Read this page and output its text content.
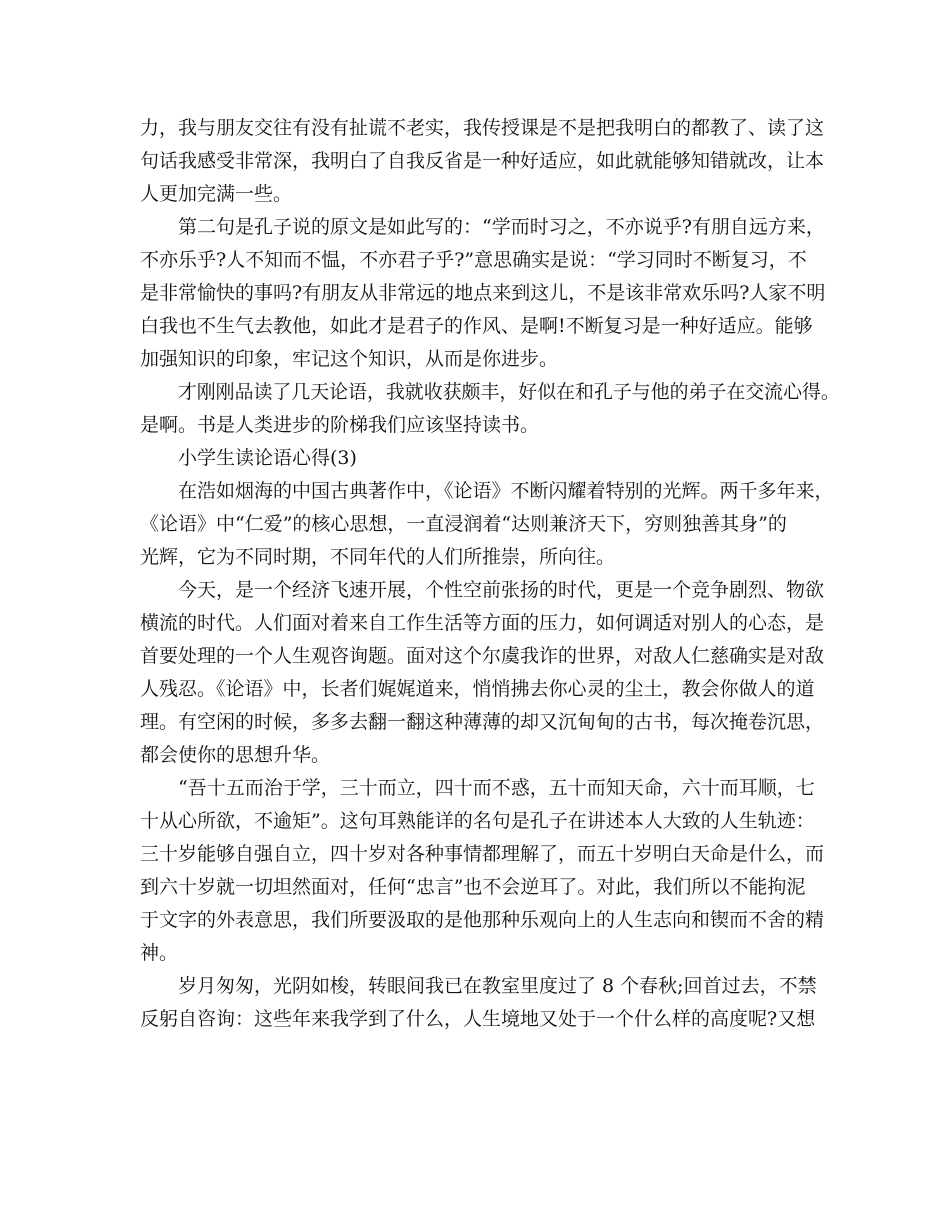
力，我与朋友交往有没有扯谎不老实，我传授课是不是把我明白的都教了、读了这
句话我感受非常深，我明白了自我反省是一种好适应，如此就能够知错就改，让本
人更加完满一些。
第二句是孔子说的原文是如此写的：“学而时习之，不亦说乎?有朋自远方来，
不亦乐乎?人不知而不愠，不亦君子乎?”意思确实是说：“学习同时不断复习，不
是非常愉快的事吗?有朋友从非常远的地点来到这儿，不是该非常欢乐吗?人家不明
白我也不生气去教他，如此才是君子的作风、是啊!不断复习是一种好适应。能够
加强知识的印象，牢记这个知识，从而是你进步。
才刚刚品读了几天论语，我就收获颇丰，好似在和孔子与他的弟子在交流心得。
是啊。书是人类进步的阶梯我们应该坚持读书。
小学生读论语心得(3)
在浩如烟海的中国古典著作中，《论语》不断闪耀着特别的光辉。两千多年来，
《论语》中“仁爱”的核心思想，一直浸润着“达则兼济天下，穷则独善其身”的
光辉，它为不同时期，不同年代的人们所推崇，所向往。
今天，是一个经济飞速开展，个性空前张扬的时代，更是一个竞争剧烈、物欲
横流的时代。人们面对着来自工作生活等方面的压力，如何调适对别人的心态，是
首要处理的一个人生观咨询题。面对这个尔虞我诈的世界，对敌人仁慈确实是对敌
人残忍。《论语》中，长者们娓娓道来，悄悄拂去你心灵的尘土，教会你做人的道
理。有空闲的时候，多多去翻一翻这种薄薄的却又沉甸甸的古书，每次掩卷沉思，
都会使你的思想升华。
“吾十五而治于学，三十而立，四十而不惑，五十而知天命，六十而耳顺，七
十从心所欲，不逾矩”。这句耳熟能详的名句是孔子在讲述本人大致的人生轨迹：
三十岁能够自强自立，四十岁对各种事情都理解了，而五十岁明白天命是什么，而
到六十岁就一切坦然面对，任何“忠言”也不会逆耳了。对此，我们所以不能拘泥
于文字的外表意思，我们所要汲取的是他那种乐观向上的人生志向和锲而不舍的精
神。
岁月匆匆，光阴如梭，转眼间我已在教室里度过了 8 个春秋;回首过去，不禁
反躬自咨询：这些年来我学到了什么，人生境地又处于一个什么样的高度呢?又想
